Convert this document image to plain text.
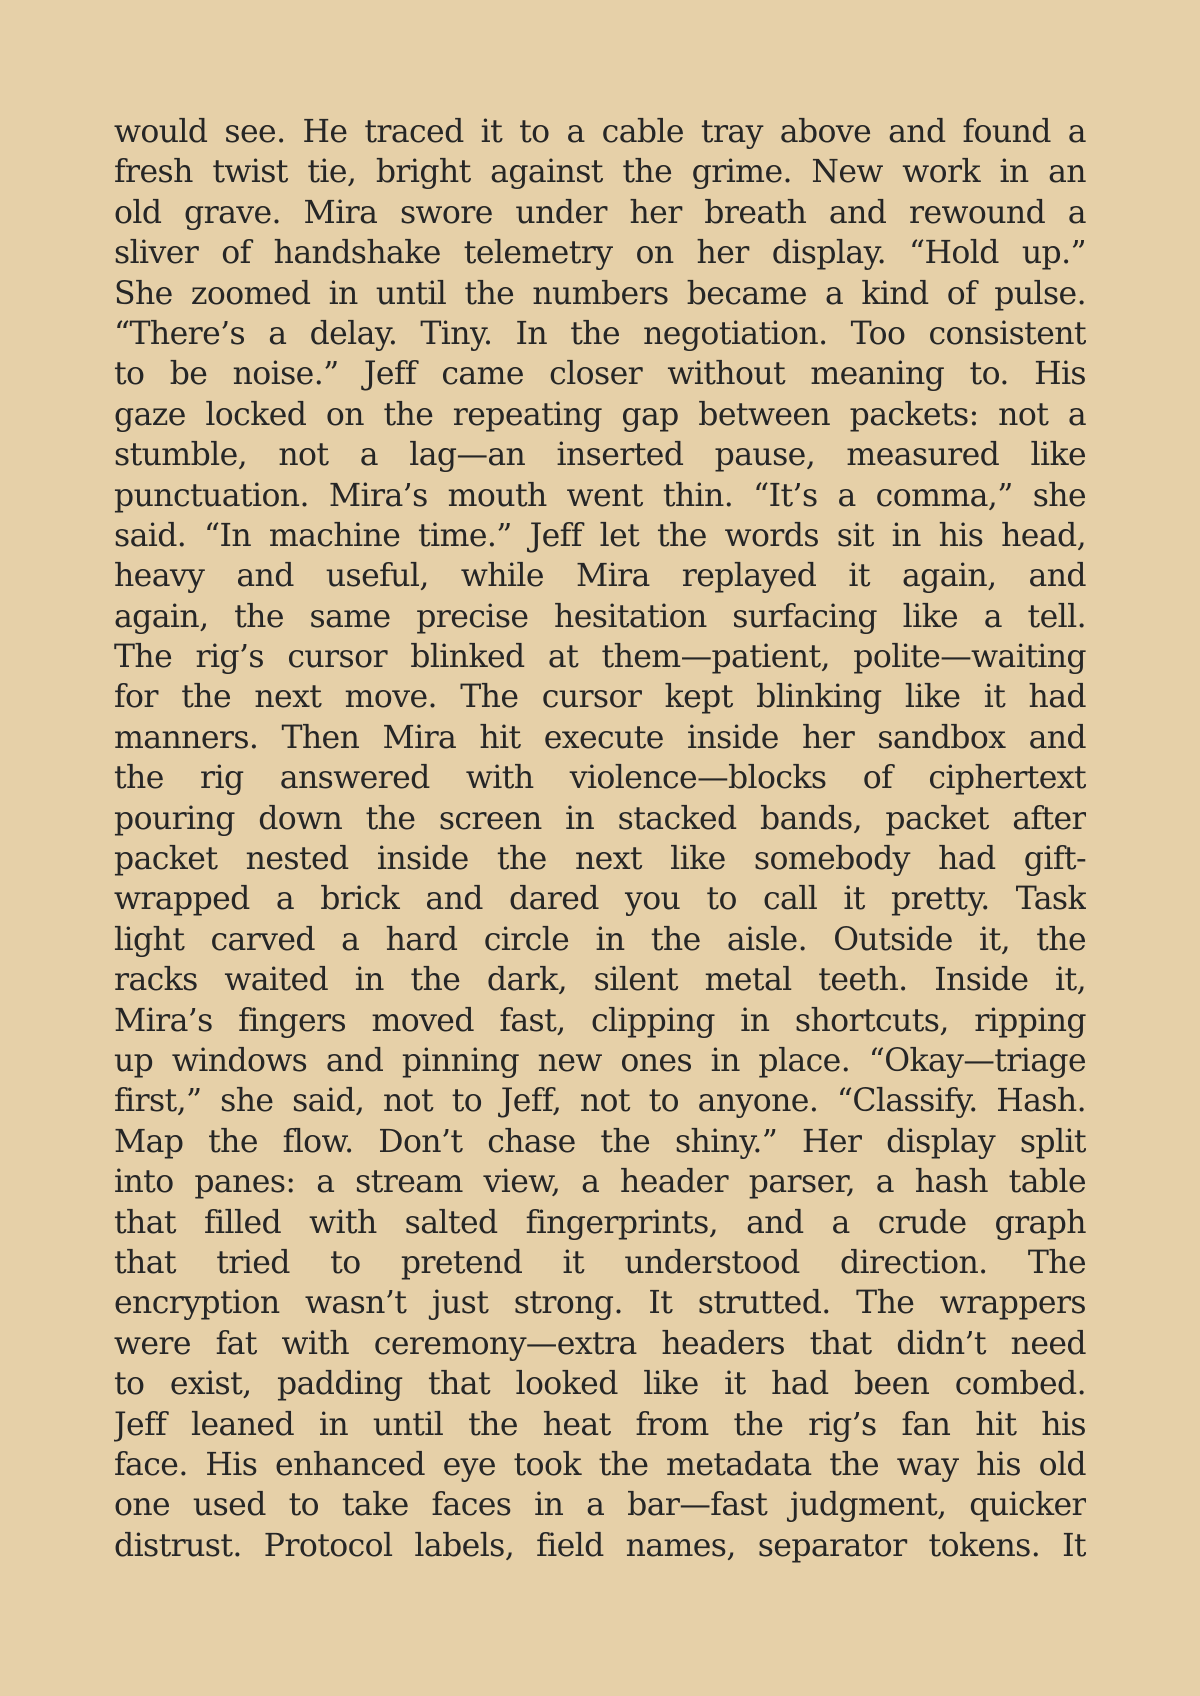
would see. He traced it to a cable tray above and found a
fresh twist tie, bright against the grime. New work in an
old grave. Mira swore under her breath and rewound a
sliver of handshake telemetry on her display. “Hold up.”
She zoomed in until the numbers became a kind of pulse.
“There’s a delay. Tiny. In the negotiation. Too consistent
to be noise.” Jeff came closer without meaning to. His
gaze locked on the repeating gap between packets: not a
stumble, not a lag—an inserted pause, measured like
punctuation. Mira’s mouth went thin. “It’s a comma,” she
said. “In machine time.” Jeff let the words sit in his head,
heavy and useful, while Mira replayed it again, and
again, the same precise hesitation surfacing like a tell.
The rig’s cursor blinked at them—patient, polite—waiting
for the next move. The cursor kept blinking like it had
manners. Then Mira hit execute inside her sandbox and
the rig answered with violence—blocks of ciphertext
pouring down the screen in stacked bands, packet after
packet nested inside the next like somebody had gift-
wrapped a brick and dared you to call it pretty. Task
light carved a hard circle in the aisle. Outside it, the
racks waited in the dark, silent metal teeth. Inside it,
Mira’s fingers moved fast, clipping in shortcuts, ripping
up windows and pinning new ones in place. “Okay—triage
first,” she said, not to Jeff, not to anyone. “Classify. Hash.
Map the flow. Don’t chase the shiny.” Her display split
into panes: a stream view, a header parser, a hash table
that filled with salted fingerprints, and a crude graph
that tried to pretend it understood direction. The
encryption wasn’t just strong. It strutted. The wrappers
were fat with ceremony—extra headers that didn’t need
to exist, padding that looked like it had been combed.
Jeff leaned in until the heat from the rig’s fan hit his
face. His enhanced eye took the metadata the way his old
one used to take faces in a bar—fast judgment, quicker
distrust. Protocol labels, field names, separator tokens. It
